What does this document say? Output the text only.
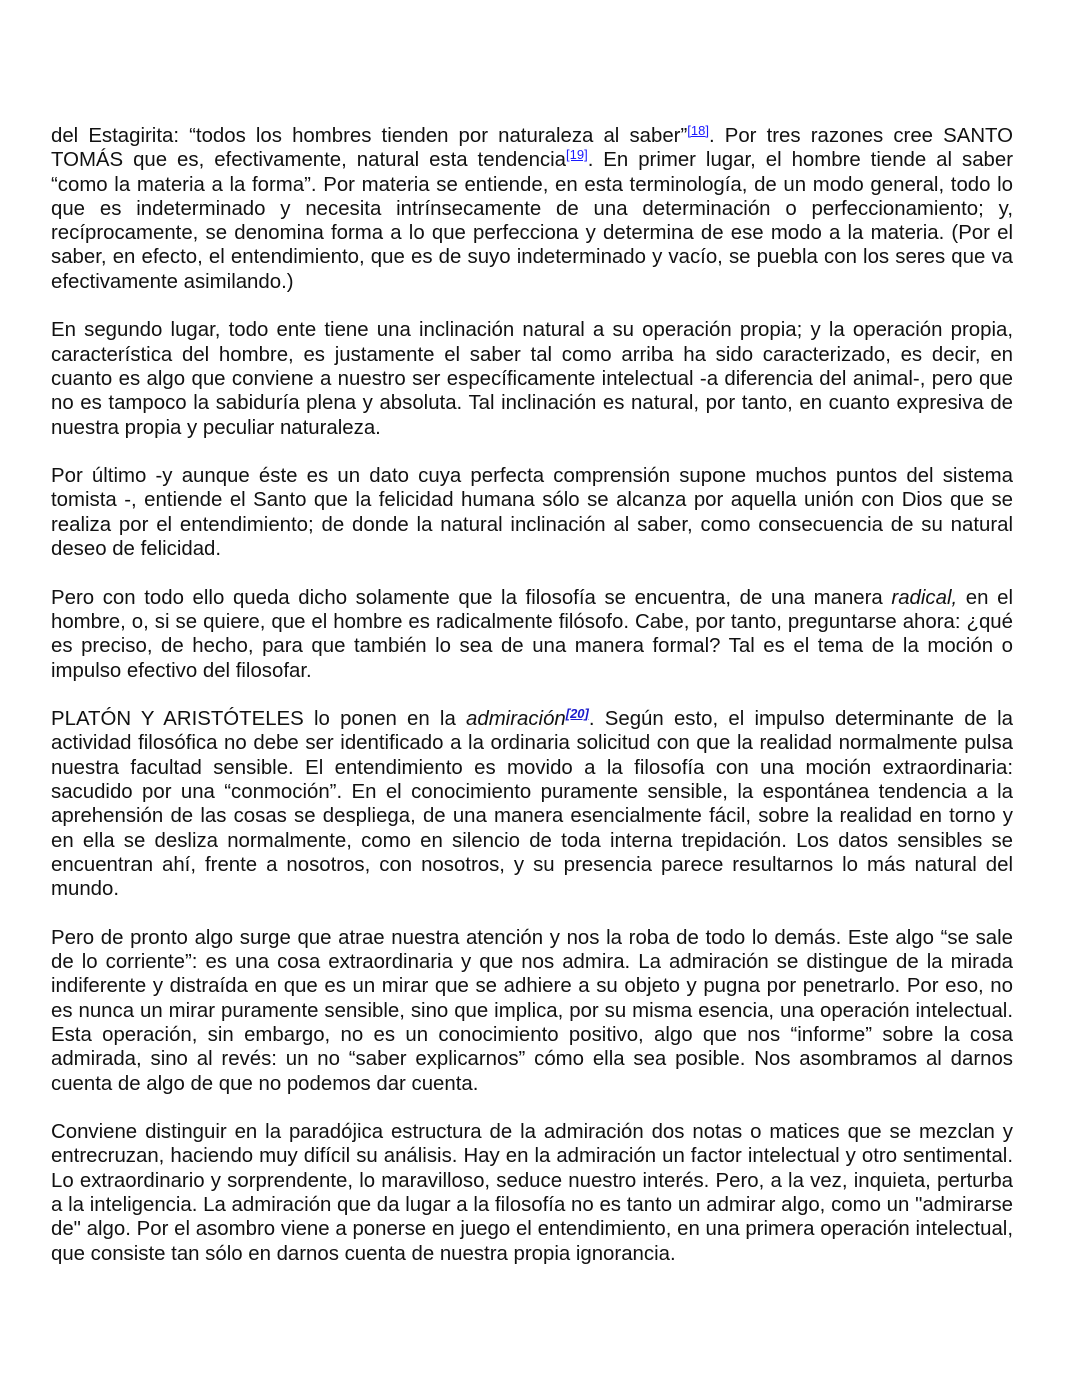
del Estagirita: “todos los hombres tienden por naturaleza al saber”[18]. Por tres razones cree SANTO TOMÁS que es, efectivamente, natural esta tendencia[19]. En primer lugar, el hombre tiende al saber “como la materia a la forma”. Por materia se entiende, en esta terminología, de un modo general, todo lo que es indeterminado y necesita intrínsecamente de una determinación o perfeccionamiento; y, recíprocamente, se denomina forma a lo que perfecciona y determina de ese modo a la materia. (Por el saber, en efecto, el entendimiento, que es de suyo indeterminado y vacío, se puebla con los seres que va efectivamente asimilando.)

En segundo lugar, todo ente tiene una inclinación natural a su operación propia; y la operación propia, característica del hombre, es justamente el saber tal como arriba ha sido caracterizado, es decir, en cuanto es algo que conviene a nuestro ser específicamente intelectual -a diferencia del animal-, pero que no es tampoco la sabiduría plena y absoluta. Tal inclinación es natural, por tanto, en cuanto expresiva de nuestra propia y peculiar naturaleza.

Por último -y aunque éste es un dato cuya perfecta comprensión supone muchos puntos del sistema tomista -, entiende el Santo que la felicidad humana sólo se alcanza por aquella unión con Dios que se realiza por el entendimiento; de donde la natural inclinación al saber, como consecuencia de su natural deseo de felicidad.

Pero con todo ello queda dicho solamente que la filosofía se encuentra, de una manera radical, en el hombre, o, si se quiere, que el hombre es radicalmente filósofo. Cabe, por tanto, preguntarse ahora: ¿qué es preciso, de hecho, para que también lo sea de una manera formal? Tal es el tema de la moción o impulso efectivo del filosofar.

PLATÓN Y ARISTÓTELES lo ponen en la admiración[20]. Según esto, el impulso determinante de la actividad filosófica no debe ser identificado a la ordinaria solicitud con que la realidad normalmente pulsa nuestra facultad sensible. El entendimiento es movido a la filosofía con una moción extraordinaria: sacudido por una “conmoción”. En el conocimiento puramente sensible, la espontánea tendencia a la aprehensión de las cosas se despliega, de una manera esencialmente fácil, sobre la realidad en torno y en ella se desliza normalmente, como en silencio de toda interna trepidación. Los datos sensibles se encuentran ahí, frente a nosotros, con nosotros, y su presencia parece resultarnos lo más natural del mundo.

Pero de pronto algo surge que atrae nuestra atención y nos la roba de todo lo demás. Este algo “se sale de lo corriente”: es una cosa extraordinaria y que nos admira. La admiración se distingue de la mirada indiferente y distraída en que es un mirar que se adhiere a su objeto y pugna por penetrarlo. Por eso, no es nunca un mirar puramente sensible, sino que implica, por su misma esencia, una operación intelectual. Esta operación, sin embargo, no es un conocimiento positivo, algo que nos “informe” sobre la cosa admirada, sino al revés: un no “saber explicarnos” cómo ella sea posible. Nos asombramos al darnos cuenta de algo de que no podemos dar cuenta.

Conviene distinguir en la paradójica estructura de la admiración dos notas o matices que se mezclan y entrecruzan, haciendo muy difícil su análisis. Hay en la admiración un factor intelectual y otro sentimental. Lo extraordinario y sorprendente, lo maravilloso, seduce nuestro interés. Pero, a la vez, inquieta, perturba a la inteligencia. La admiración que da lugar a la filosofía no es tanto un admirar algo, como un "admirarse de" algo. Por el asombro viene a ponerse en juego el entendimiento, en una primera operación intelectual, que consiste tan sólo en darnos cuenta de nuestra propia ignorancia.
